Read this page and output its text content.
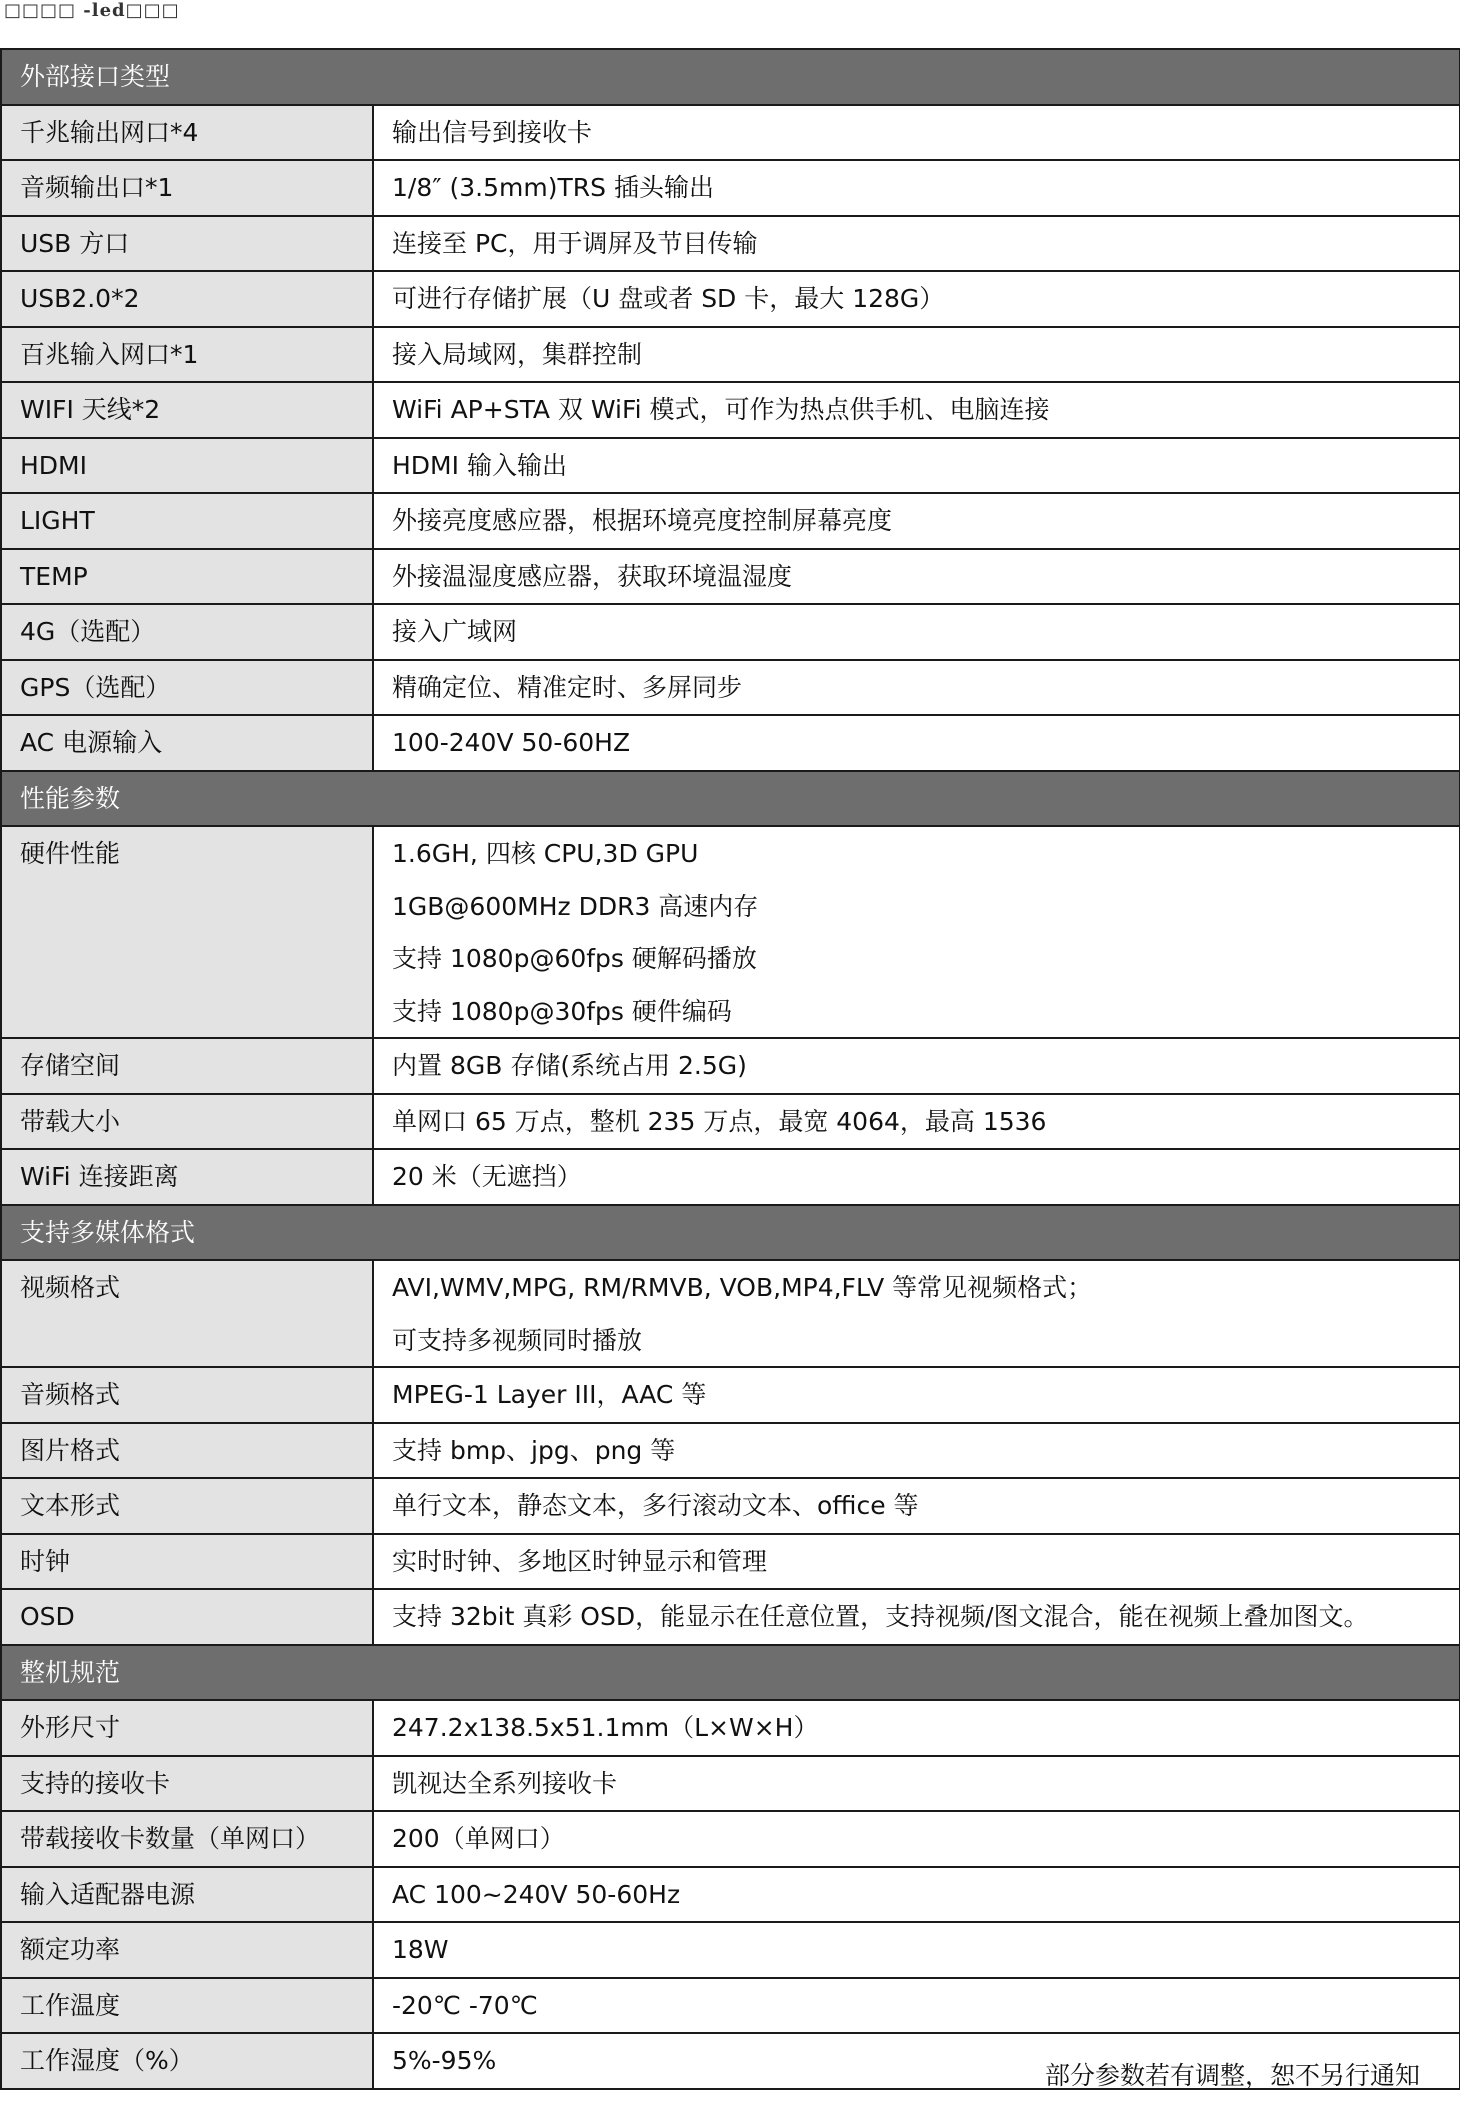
□□□□ -led□□□
外部接口类型	
千兆输出网口*4	输出信号到接收卡

音频输出口*1	1/8″ (3.5mm)TRS 插头输出

USB 方口	连接至 PC，用于调屏及节目传输

USB2.0*2	可进行存储扩展（U 盘或者 SD 卡，最大 128G）

百兆输入网口*1	接入局域网，集群控制

WIFI 天线*2	WiFi AP+STA 双 WiFi 模式，可作为热点供手机、电脑连接

HDMI	HDMI 输入输出

LIGHT	外接亮度感应器，根据环境亮度控制屏幕亮度

TEMP	外接温湿度感应器，获取环境温湿度

4G（选配）	接入广域网

GPS（选配）	精确定位、精准定时、多屏同步

AC 电源输入	100-240V 50-60HZ

性能参数	
硬件性能	1.6GH, 四核 CPU,3D GPU
1GB@600MHz DDR3 高速内存
支持 1080p@60fps 硬解码播放
支持 1080p@30fps 硬件编码

存储空间	内置 8GB 存储(系统占用 2.5G)

带载大小	单网口 65 万点，整机 235 万点，最宽 4064，最高 1536

WiFi 连接距离	20 米（无遮挡）

支持多媒体格式	
视频格式	AVI,WMV,MPG, RM/RMVB, VOB,MP4,FLV 等常见视频格式；
可支持多视频同时播放

音频格式	MPEG-1 Layer III，AAC 等

图片格式	支持 bmp、jpg、png 等

文本形式	单行文本，静态文本，多行滚动文本、office 等

时钟	实时时钟、多地区时钟显示和管理

OSD	支持 32bit 真彩 OSD，能显示在任意位置，支持视频/图文混合，能在视频上叠加图文。

整机规范	
外形尺寸	247.2x138.5x51.1mm（L×W×H）

支持的接收卡	凯视达全系列接收卡

带载接收卡数量（单网口）	200（单网口）

输入适配器电源	AC 100~240V 50-60Hz

额定功率	18W

工作温度	-20℃ -70℃

工作湿度（%）	5%-95%
部分参数若有调整，恕不另行通知
